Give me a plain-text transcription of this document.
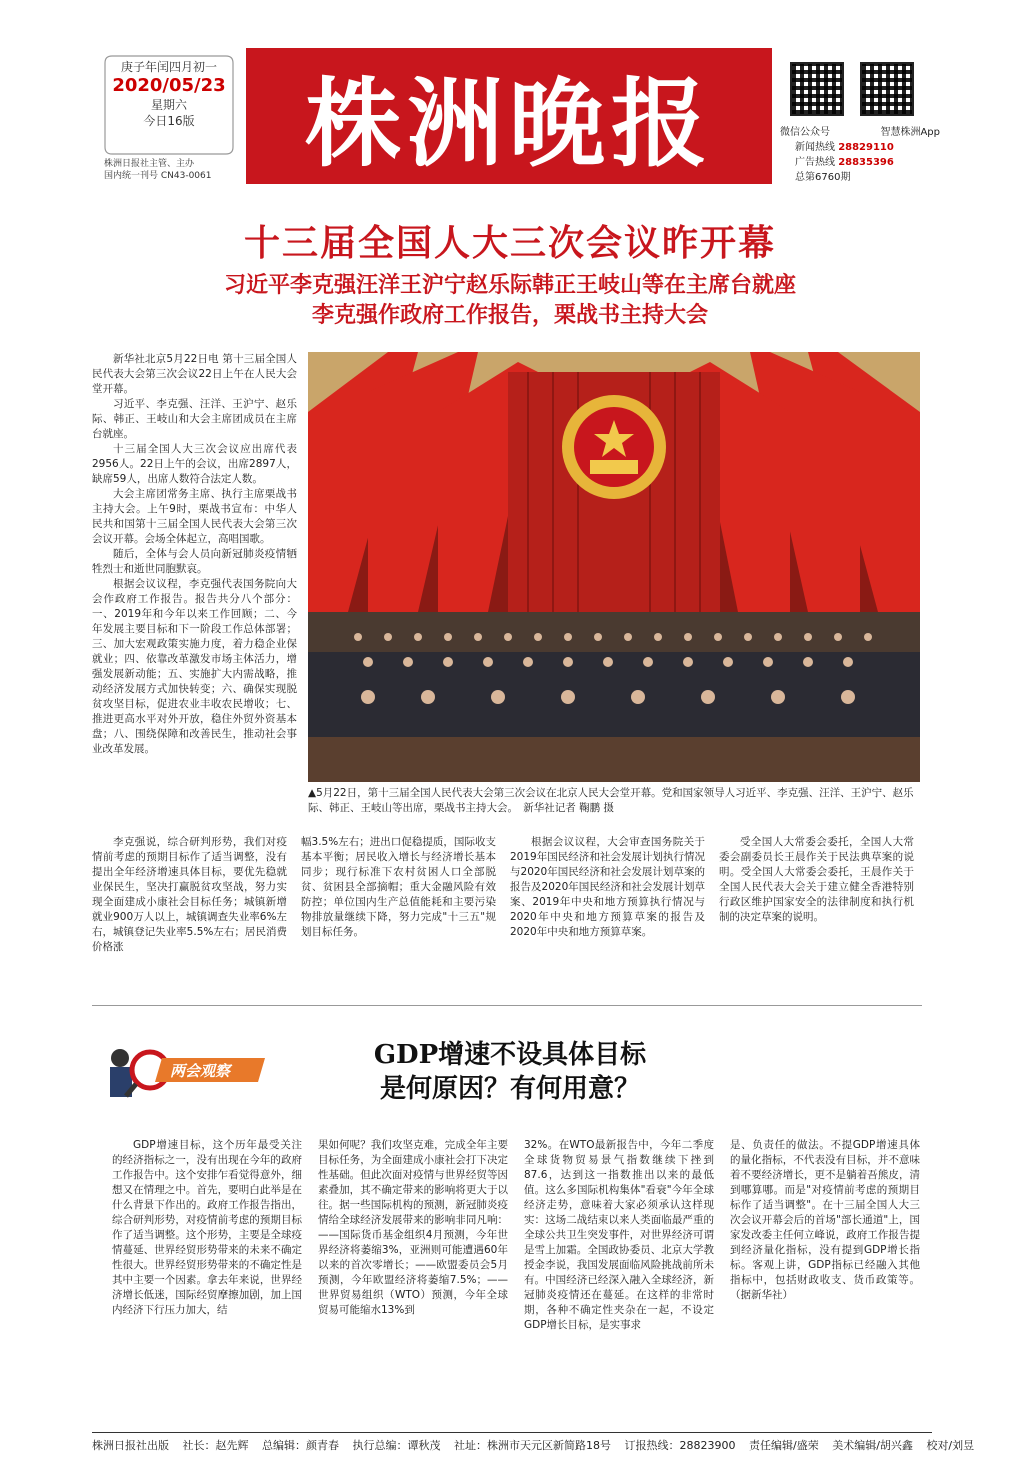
庚子年闰四月初一
2020/05/23
星期六
今日16版
株洲日报社主管、主办
国内统一刊号 CN43-0061 株洲晚报	微信公众号	智慧株洲App
新闻热线 28829110
广告热线 28835396
总第6760期
十三届全国人大三次会议昨开幕
习近平李克强汪洋王沪宁赵乐际韩正王岐山等在主席台就座
李克强作政府工作报告，栗战书主持大会

新华社北京5月22日电 第十三届全国人民代表大会第三次会议22日上午在人民大会堂开幕。

习近平、李克强、汪洋、王沪宁、赵乐际、韩正、王岐山和大会主席团成员在主席台就座。

十三届全国人大三次会议应出席代表2956人。22日上午的会议，出席2897人，缺席59人，出席人数符合法定人数。

大会主席团常务主席、执行主席栗战书主持大会。上午9时，栗战书宣布：中华人民共和国第十三届全国人民代表大会第三次会议开幕。会场全体起立，高唱国歌。

随后，全体与会人员向新冠肺炎疫情牺牲烈士和逝世同胞默哀。

根据会议议程，李克强代表国务院向大会作政府工作报告。报告共分八个部分：一、2019年和今年以来工作回顾；二、今年发展主要目标和下一阶段工作总体部署；三、加大宏观政策实施力度，着力稳企业保就业；四、依靠改革激发市场主体活力，增强发展新动能；五、实施扩大内需战略，推动经济发展方式加快转变；六、确保实现脱贫攻坚目标，促进农业丰收农民增收；七、推进更高水平对外开放，稳住外贸外资基本盘；八、围绕保障和改善民生，推动社会事业改革发展。

▲5月22日，第十三届全国人民代表大会第三次会议在北京人民大会堂开幕。党和国家领导人习近平、李克强、汪洋、王沪宁、赵乐际、韩正、王岐山等出席，栗战书主持大会。　新华社记者 鞠鹏 摄

李克强说，综合研判形势，我们对疫情前考虑的预期目标作了适当调整，没有提出全年经济增速具体目标，要优先稳就业保民生，坚决打赢脱贫攻坚战，努力实现全面建成小康社会目标任务；城镇新增就业900万人以上，城镇调查失业率6%左右，城镇登记失业率5.5%左右；居民消费价格涨

幅3.5%左右；进出口促稳提质，国际收支基本平衡；居民收入增长与经济增长基本同步；现行标准下农村贫困人口全部脱贫、贫困县全部摘帽；重大金融风险有效防控；单位国内生产总值能耗和主要污染物排放量继续下降，努力完成"十三五"规划目标任务。

根据会议议程，大会审查国务院关于2019年国民经济和社会发展计划执行情况与2020年国民经济和社会发展计划草案的报告及2020年国民经济和社会发展计划草案、2019年中央和地方预算执行情况与2020年中央和地方预算草案的报告及2020年中央和地方预算草案。

受全国人大常委会委托，全国人大常委会副委员长王晨作关于民法典草案的说明。受全国人大常委会委托，王晨作关于全国人民代表大会关于建立健全香港特别行政区维护国家安全的法律制度和执行机制的决定草案的说明。

两会观察
GDP增速不设具体目标
是何原因？有何用意？

GDP增速目标，这个历年最受关注的经济指标之一，没有出现在今年的政府工作报告中。这个安排乍看觉得意外，细想又在情理之中。首先，要明白此举是在什么背景下作出的。政府工作报告指出，综合研判形势，对疫情前考虑的预期目标作了适当调整。这个形势，主要是全球疫情蔓延、世界经贸形势带来的未来不确定性很大。世界经贸形势带来的不确定性是其中主要一个因素。拿去年来说，世界经济增长低迷，国际经贸摩擦加剧，加上国内经济下行压力加大，结

果如何呢？我们攻坚克难，完成全年主要目标任务，为全面建成小康社会打下决定性基础。但此次面对疫情与世界经贸等因素叠加，其不确定带来的影响将更大于以往。据一些国际机构的预测，新冠肺炎疫情给全球经济发展带来的影响非同凡响：——国际货币基金组织4月预测，今年世界经济将萎缩3%，亚洲则可能遭遇60年以来的首次零增长；——欧盟委员会5月预测，今年欧盟经济将萎缩7.5%；——世界贸易组织（WTO）预测，今年全球贸易可能缩水13%到

32%。在WTO最新报告中，今年二季度全球货物贸易景气指数继续下挫到87.6，达到这一指数推出以来的最低值。这么多国际机构集体"看衰"今年全球经济走势，意味着大家必须承认这样现实：这场二战结束以来人类面临最严重的全球公共卫生突发事件，对世界经济可谓是雪上加霜。全国政协委员、北京大学教授金李说，我国发展面临风险挑战前所未有。中国经济已经深入融入全球经济，新冠肺炎疫情还在蔓延。在这样的非常时期，各种不确定性夹杂在一起，不设定GDP增长目标，是实事求

是、负责任的做法。不提GDP增速具体的量化指标，不代表没有目标，并不意味着不要经济增长，更不是躺着吾熊皮，清到哪算哪。而是"对疫情前考虑的预期目标作了适当调整"。在十三届全国人大三次会议开幕会后的首场"部长通道"上，国家发改委主任何立峰说，政府工作报告提到经济量化指标，没有提到GDP增长指标。客观上讲，GDP指标已经融入其他指标中，包括财政收支、货币政策等。（据新华社）

株洲日报社出版 社长：赵先辉 总编辑：颜青春 执行总编：谭秋茂 社址：株洲市天元区新简路18号 订报热线：28823900 责任编辑/盛荣 美术编辑/胡兴鑫 校对/刘昱
